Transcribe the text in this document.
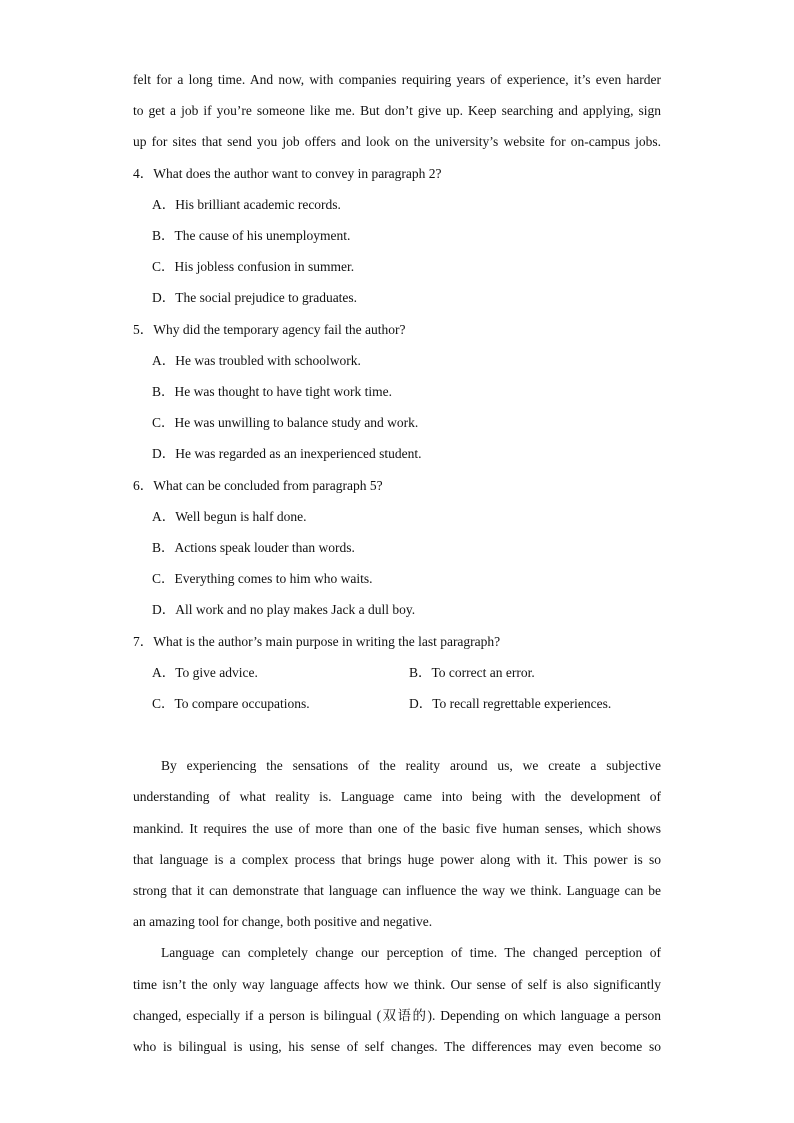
felt for a long time. And now, with companies requiring years of experience, it’s even harder
to get a job if you’re someone like me. But don’t give up. Keep searching and applying, sign
up for sites that send you job offers and look on the university’s website for on-campus jobs.
4．What does the author want to convey in paragraph 2?
A．His brilliant academic records.
B．The cause of his unemployment.
C．His jobless confusion in summer.
D．The social prejudice to graduates.
5．Why did the temporary agency fail the author?
A．He was troubled with schoolwork.
B．He was thought to have tight work time.
C．He was unwilling to balance study and work.
D．He was regarded as an inexperienced student.
6．What can be concluded from paragraph 5?
A．Well begun is half done.
B．Actions speak louder than words.
C．Everything comes to him who waits.
D．All work and no play makes Jack a dull boy.
7．What is the author’s main purpose in writing the last paragraph?
A．To give advice.	B．To correct an error.
C．To compare occupations.	D．To recall regrettable experiences.
By experiencing the sensations of the reality around us, we create a subjective
understanding of what reality is. Language came into being with the development of
mankind. It requires the use of more than one of the basic five human senses, which shows
that language is a complex process that brings huge power along with it. This power is so
strong that it can demonstrate that language can influence the way we think. Language can be
an amazing tool for change, both positive and negative.
Language can completely change our perception of time. The changed perception of
time isn’t the only way language affects how we think. Our sense of self is also significantly
changed, especially if a person is bilingual (双语的). Depending on which language a person
who is bilingual is using, his sense of self changes. The differences may even become so
